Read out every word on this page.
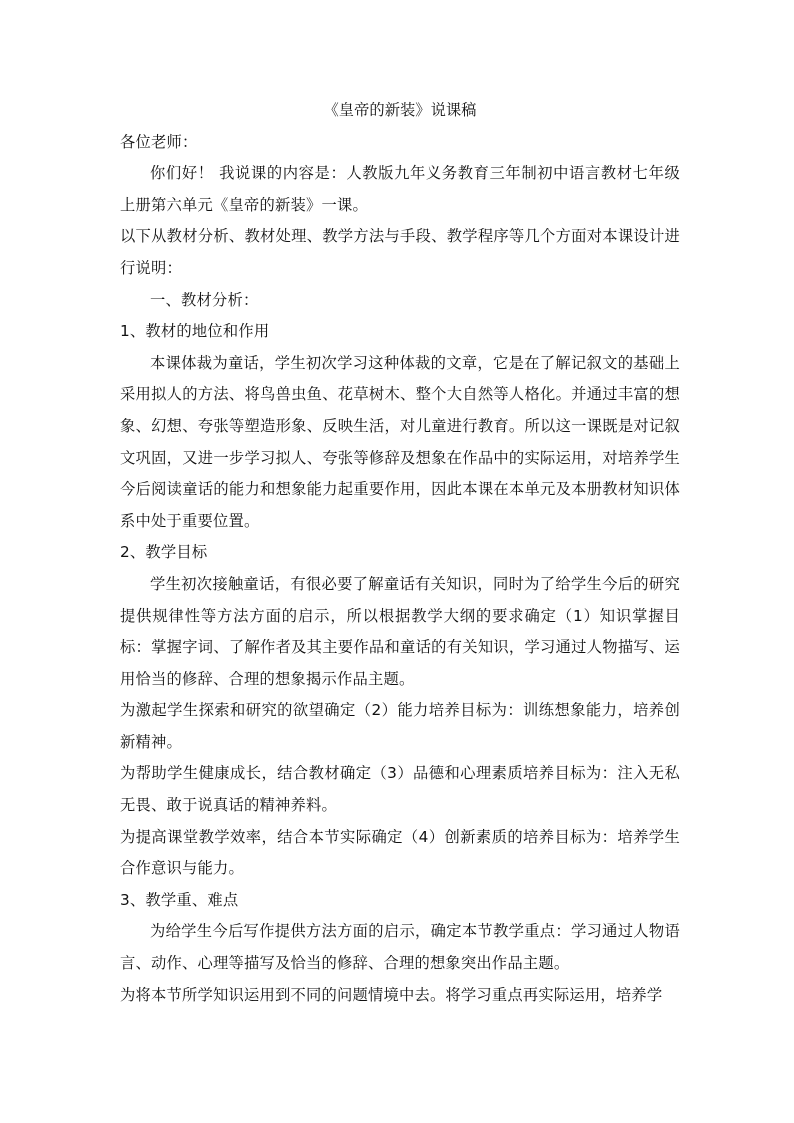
《皇帝的新装》说课稿

各位老师：

你们好！ 我说课的内容是：人教版九年义务教育三年制初中语言教材七年级上册第六单元《皇帝的新装》一课。

以下从教材分析、教材处理、教学方法与手段、教学程序等几个方面对本课设计进行说明：

一、教材分析：

1、教材的地位和作用

本课体裁为童话，学生初次学习这种体裁的文章，它是在了解记叙文的基础上采用拟人的方法、将鸟兽虫鱼、花草树木、整个大自然等人格化。并通过丰富的想象、幻想、夸张等塑造形象、反映生活，对儿童进行教育。所以这一课既是对记叙文巩固，又进一步学习拟人、夸张等修辞及想象在作品中的实际运用，对培养学生今后阅读童话的能力和想象能力起重要作用，因此本课在本单元及本册教材知识体系中处于重要位置。

2、教学目标

学生初次接触童话，有很必要了解童话有关知识，同时为了给学生今后的研究提供规律性等方法方面的启示，所以根据教学大纲的要求确定（1）知识掌握目标：掌握字词、了解作者及其主要作品和童话的有关知识，学习通过人物描写、运用恰当的修辞、合理的想象揭示作品主题。

为激起学生探索和研究的欲望确定（2）能力培养目标为：训练想象能力，培养创新精神。

为帮助学生健康成长，结合教材确定（3）品德和心理素质培养目标为：注入无私无畏、敢于说真话的精神养料。

为提高课堂教学效率，结合本节实际确定（4）创新素质的培养目标为：培养学生合作意识与能力。

3、教学重、难点

为给学生今后写作提供方法方面的启示，确定本节教学重点：学习通过人物语言、动作、心理等描写及恰当的修辞、合理的想象突出作品主题。

为将本节所学知识运用到不同的问题情境中去。将学习重点再实际运用，培养学
